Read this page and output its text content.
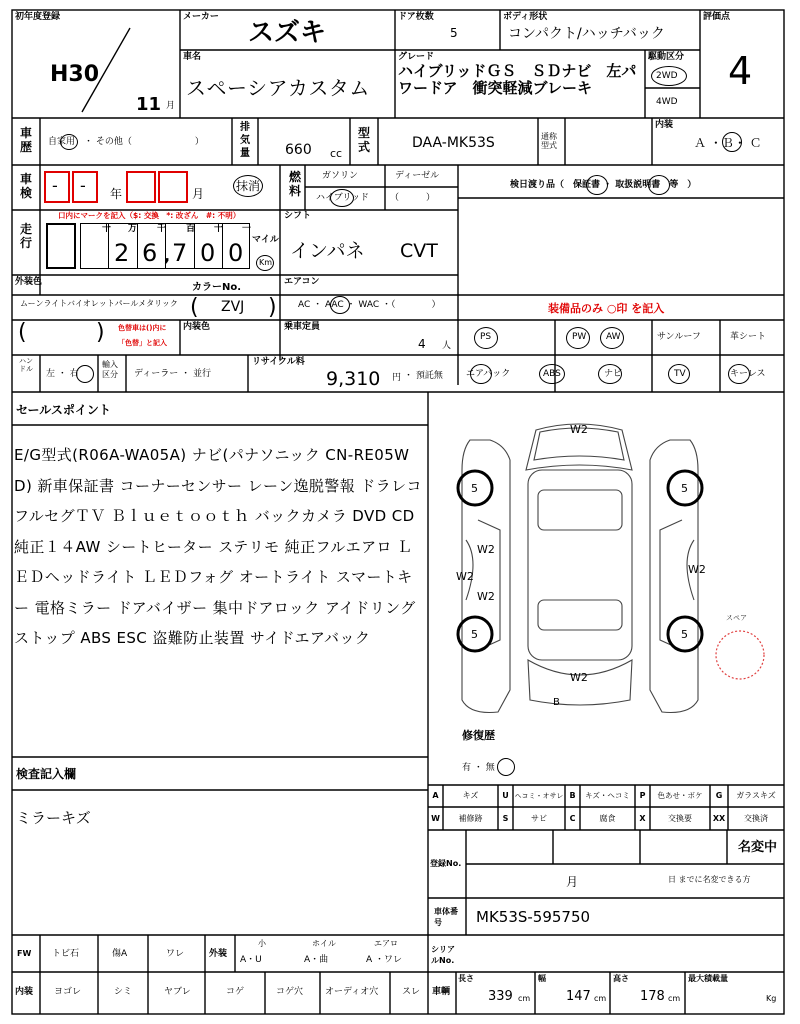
初年度登録
H30
11 月
メーカー
スズキ
車名
スペーシアカスタム
ドア枚数
5
ボディ形状
コンパクト/ハッチバック
グレード
ハイブリッドＧＳ　ＳＤナビ　左パワードア　衝突軽減ブレーキ
駆動区分
2WD
4WD
評価点
4
車歴 自家用　・ その他（　　　　　　　）
排気量	660 cc
型式	DAA-MK53S	通称型式
内装
Ａ ・Ｂ・ Ｃ
車検 - - 年	月
抹消
燃料
ガソリン	ディーゼル
ハイブリッド （　　　）
検日渡り品（　保証書 ・ 取扱説明書　等　）
走行
口内にマークを記入（$: 交換　*: 改ざん　#: 不明）
十 万 千 百 十 一
2 6 , 7 0 0 マイル
Km
シフト
インパネ CVT
外装色
ムーンライトバイオレットパールメタリック
カラーNo.
( ZVJ )
エアコン
AC ・ AAC ・ WAC ・（　　　　）	装備品のみ ○印 を記入
(	) 色替車は()内に
「色替」と記入
内装色	乗車定員
4 人
PS	PW AW	サンルーフ	革シート
エアバック	ABS	ナビ	TV	キーレス
ハンドル	左 ・ 右
輸入区分	ディーラー ・ 並行
リサイクル料
9,310 円 ・ 預託無
セールスポイント
E/G型式(R06A-WA05A) ナビ(パナソニック CN-RE05WD) 新車保証書 コーナーセンサー レーン逸脱警報 ドラレコ フルセグＴＶ Ｂｌｕｅｔｏｏｔｈ バックカメラ DVD CD 純正１４AW シートヒーター ステリモ 純正フルエアロ ＬＥＤヘッドライト ＬＥＤフォグ オートライト スマートキー 電格ミラー ドアバイザー 集中ドアロック アイドリングストップ ABS ESC 盗難防止装置 サイドエアバック
W2
5	5
W2
W2
W2
W2
5	5
W2
B
スペア
修復歴
有 ・ 無
検査記入欄
ミラーキズ
A	キズ	U ヘコミ・オサレ B	キズ・ヘコミ	P	色あせ・ボケ	G	ガラスキズ
W	補修跡	S	サビ	C	腐食	X	交換要	XX	交換済
登録No.
名変中
月	日 までに名変できる方
車体番号	MK53S-595750
FW トビ石	傷A	ワレ	外装
小
A・U
ホイル
A・曲
エアロ
A ・ワレ
シリアルNo.
内装 ヨゴレ	シミ	ヤブレ	コゲ	コゲ穴 オーディオ穴	スレ 車輌
長さ
339 cm
幅
147 cm
高さ
178 cm
最大積載量
Kg
